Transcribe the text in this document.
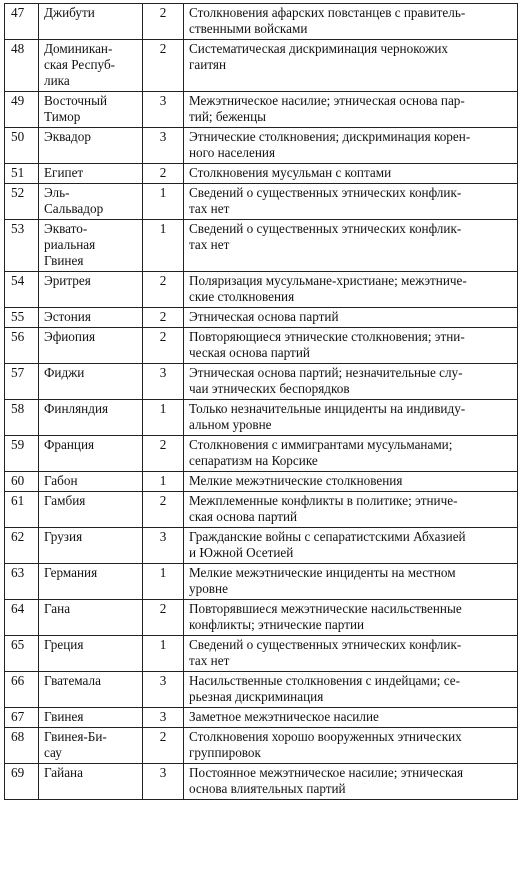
47	Джибути	2	Столкновения афарских повстанцев с правитель-
ственными войсками
48	Доминикан-
ская Респуб-
лика	2	Систематическая дискриминация чернокожих
гаитян
49	Восточный
Тимор	3	Межэтническое насилие; этническая основа пар-
тий; беженцы
50	Эквадор	3	Этнические столкновения; дискриминация корен-
ного населения
51	Египет	2	Столкновения мусульман с коптами
52	Эль-
Сальвадор	1	Сведений о существенных этнических конфлик-
тах нет
53	Эквато-
риальная
Гвинея	1	Сведений о существенных этнических конфлик-
тах нет
54	Эритрея	2	Поляризация мусульмане-христиане; межэтниче-
ские столкновения
55	Эстония	2	Этническая основа партий
56	Эфиопия	2	Повторяющиеся этнические столкновения; этни-
ческая основа партий
57	Фиджи	3	Этническая основа партий; незначительные слу-
чаи этнических беспорядков
58	Финляндия	1	Только незначительные инциденты на индивиду-
альном уровне
59	Франция	2	Столкновения с иммигрантами мусульманами;
сепаратизм на Корсике
60	Габон	1	Мелкие межэтнические столкновения
61	Гамбия	2	Межплеменные конфликты в политике; этниче-
ская основа партий
62	Грузия	3	Гражданские войны с сепаратистскими Абхазией
и Южной Осетией
63	Германия	1	Мелкие межэтнические инциденты на местном
уровне
64	Гана	2	Повторявшиеся межэтнические насильственные
конфликты; этнические партии
65	Греция	1	Сведений о существенных этнических конфлик-
тах нет
66	Гватемала	3	Насильственные столкновения с индейцами; се-
рьезная дискриминация
67	Гвинея	3	Заметное межэтническое насилие
68	Гвинея-Би-
сау	2	Столкновения хорошо вооруженных этнических
группировок
69	Гайана	3	Постоянное межэтническое насилие; этническая
основа влиятельных партий
